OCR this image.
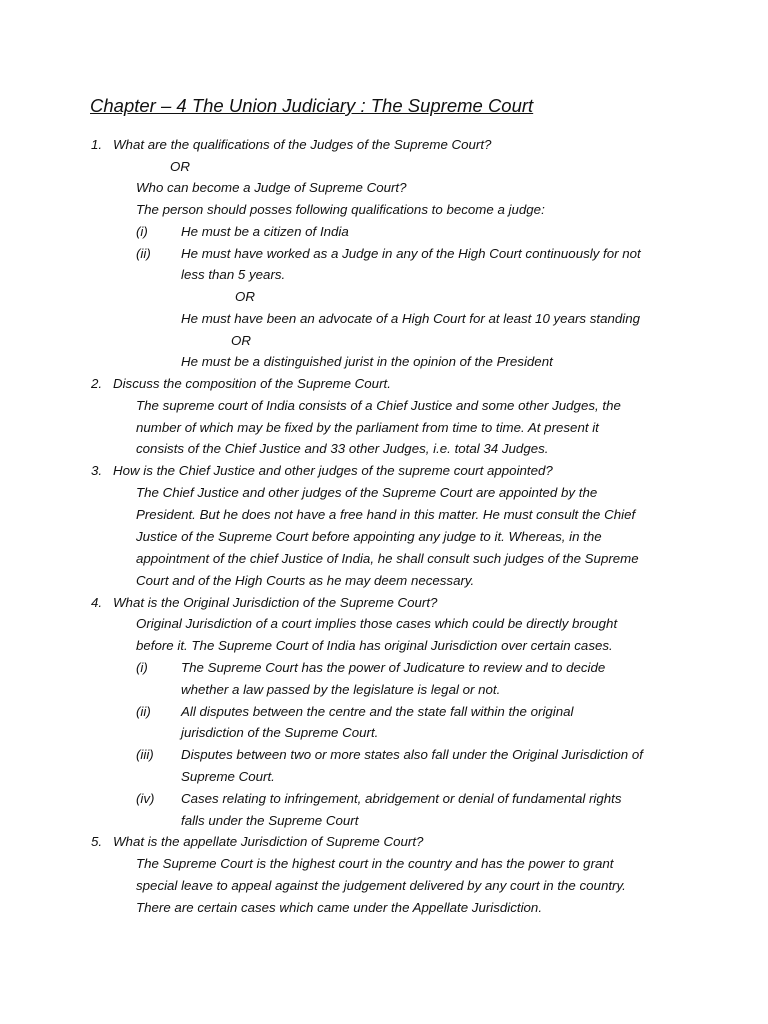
Chapter – 4 The Union Judiciary : The Supreme Court
1. What are the qualifications of the Judges of the Supreme Court?
OR
Who can become a Judge of Supreme Court?
The person should posses following qualifications to become a judge:
(i) He must be a citizen of India
(ii) He must have worked as a Judge in any of the High Court continuously for not
less than 5 years.
OR
He must have been an advocate of a High Court for at least 10 years standing
OR
He must be a distinguished jurist in the opinion of the President
2. Discuss the composition of the Supreme Court.
The supreme court of India consists of a Chief Justice and some other Judges, the
number of which may be fixed by the parliament from time to time. At present it
consists of the Chief Justice and 33 other Judges, i.e. total 34 Judges.
3. How is the Chief Justice and other judges of the supreme court appointed?
The Chief Justice and other judges of the Supreme Court are appointed by the
President. But he does not have a free hand in this matter. He must consult the Chief
Justice of the Supreme Court before appointing any judge to it. Whereas, in the
appointment of the chief Justice of India, he shall consult such judges of the Supreme
Court and of the High Courts as he may deem necessary.
4. What is the Original Jurisdiction of the Supreme Court?
Original Jurisdiction of a court implies those cases which could be directly brought
before it. The Supreme Court of India has original Jurisdiction over certain cases.
(i) The Supreme Court has the power of Judicature to review and to decide
whether a law passed by the legislature is legal or not.
(ii) All disputes between the centre and the state fall within the original
jurisdiction of the Supreme Court.
(iii) Disputes between two or more states also fall under the Original Jurisdiction of
Supreme Court.
(iv) Cases relating to infringement, abridgement or denial of fundamental rights
falls under the Supreme Court
5. What is the appellate Jurisdiction of Supreme Court?
The Supreme Court is the highest court in the country and has the power to grant
special leave to appeal against the judgement delivered by any court in the country.
There are certain cases which came under the Appellate Jurisdiction.
